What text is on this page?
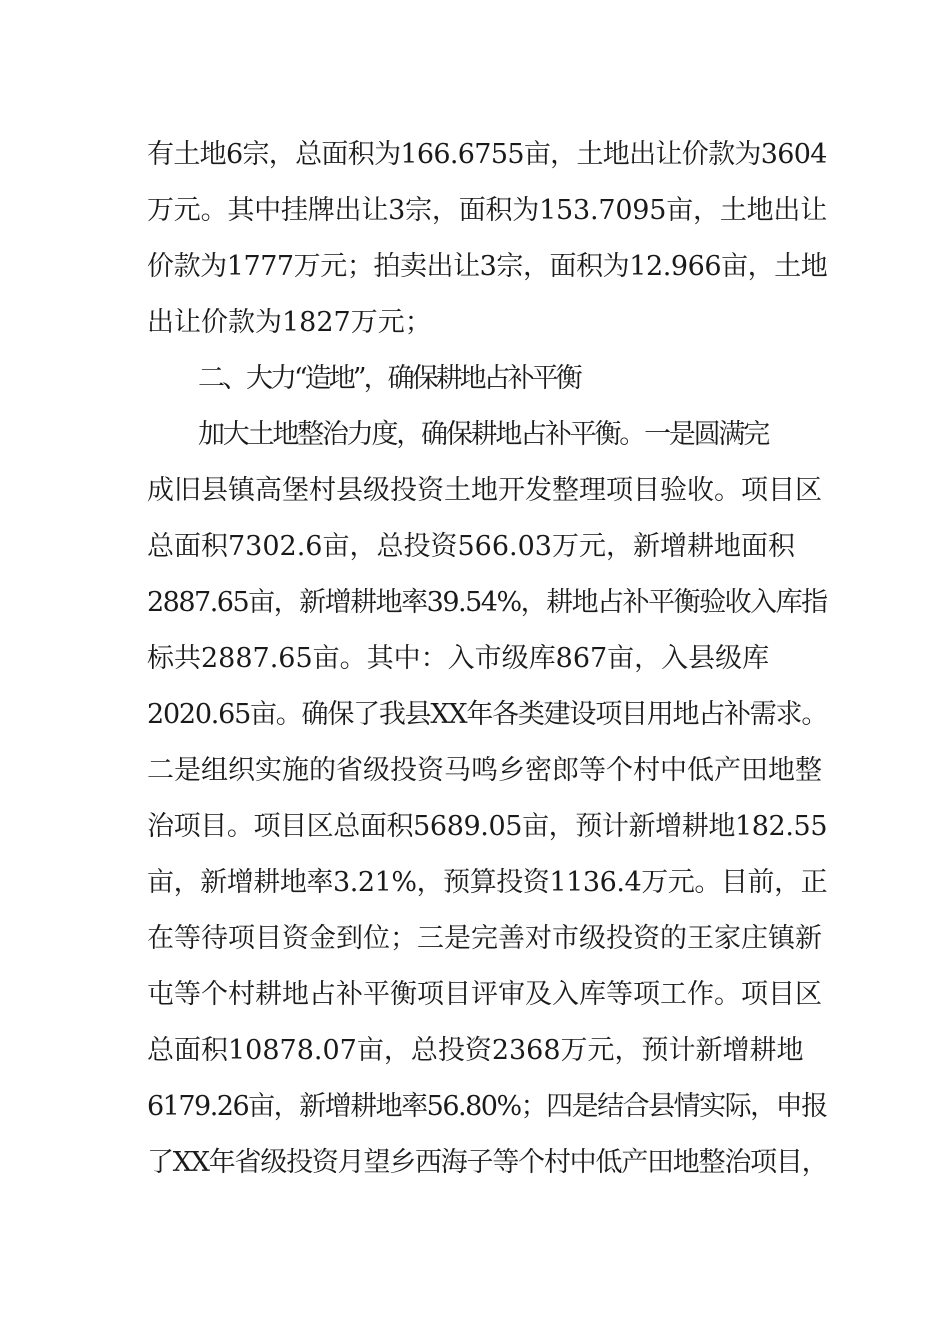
有土地6宗，总面积为166.6755亩，土地出让价款为3604
万元。其中挂牌出让3宗，面积为153.7095亩，土地出让
价款为1777万元；拍卖出让3宗，面积为12.966亩，土地
出让价款为1827万元；
二、大力“造地”，确保耕地占补平衡
加大土地整治力度，确保耕地占补平衡。一是圆满完
成旧县镇高堡村县级投资土地开发整理项目验收。项目区
总面积7302.6亩，总投资566.03万元，新增耕地面积
2887.65亩，新增耕地率39.54%，耕地占补平衡验收入库指
标共2887.65亩。其中：入市级库867亩，入县级库
2020.65亩。确保了我县XX年各类建设项目用地占补需求。
二是组织实施的省级投资马鸣乡密郎等个村中低产田地整
治项目。项目区总面积5689.05亩，预计新增耕地182.55
亩，新增耕地率3.21%，预算投资1136.4万元。目前，正
在等待项目资金到位；三是完善对市级投资的王家庄镇新
屯等个村耕地占补平衡项目评审及入库等项工作。项目区
总面积10878.07亩，总投资2368万元，预计新增耕地
6179.26亩，新增耕地率56.80%；四是结合县情实际，申报
了XX年省级投资月望乡西海子等个村中低产田地整治项目，
